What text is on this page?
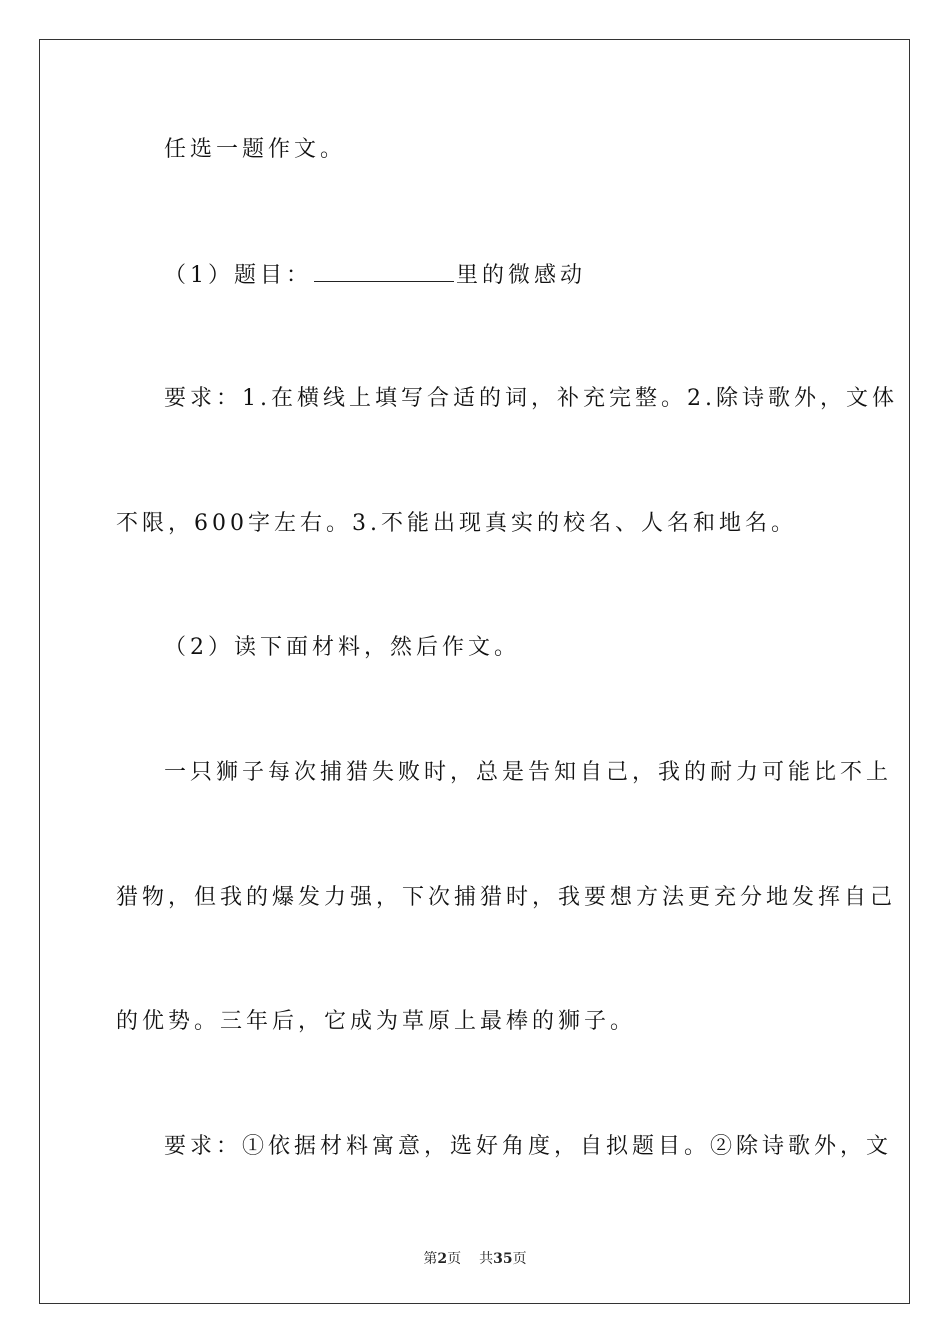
任选一题作文。
（1）题目：	里的微感动
要求：1.在横线上填写合适的词，补充完整。2.除诗歌外，文体
不限，600字左右。3.不能出现真实的校名、人名和地名。
（2）读下面材料，然后作文。
一只狮子每次捕猎失败时，总是告知自己，我的耐力可能比不上
猎物，但我的爆发力强，下次捕猎时，我要想方法更充分地发挥自己
的优势。三年后，它成为草原上最棒的狮子。
要求：①依据材料寓意，选好角度，自拟题目。②除诗歌外，文
第2页 共35页
